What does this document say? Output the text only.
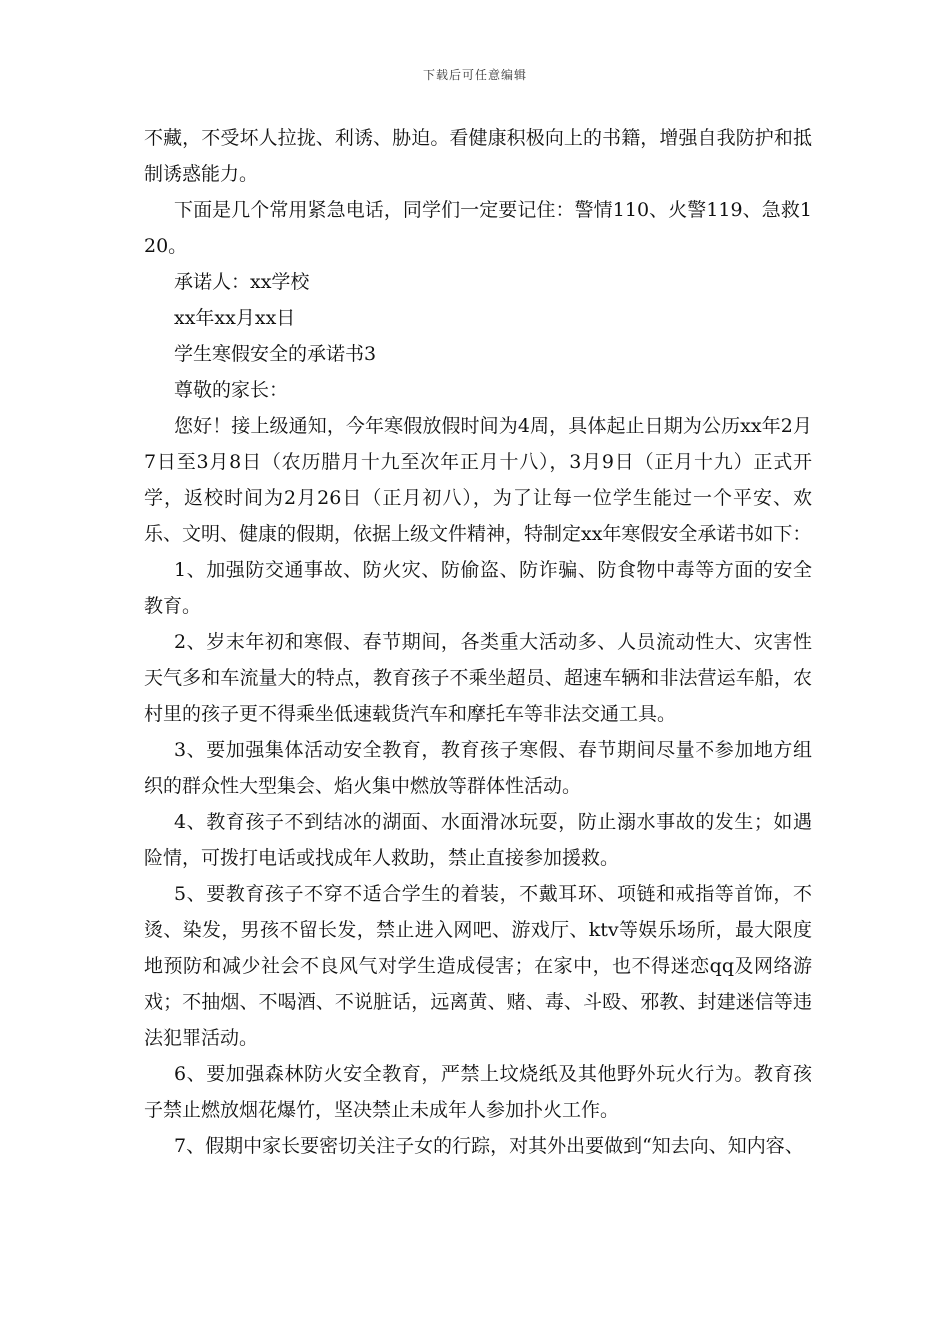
下载后可任意编辑

不藏，不受坏人拉拢、利诱、胁迫。看健康积极向上的书籍，增强自我防护和抵制诱惑能力。

下面是几个常用紧急电话，同学们一定要记住：警情110、火警119、急救120。

承诺人：xx学校

xx年xx月xx日

学生寒假安全的承诺书3

尊敬的家长：

您好！接上级通知，今年寒假放假时间为4周，具体起止日期为公历xx年2月7日至3月8日（农历腊月十九至次年正月十八），3月9日（正月十九）正式开学，返校时间为2月26日（正月初八），为了让每一位学生能过一个平安、欢乐、文明、健康的假期，依据上级文件精神，特制定xx年寒假安全承诺书如下：

1、加强防交通事故、防火灾、防偷盗、防诈骗、防食物中毒等方面的安全教育。

2、岁末年初和寒假、春节期间，各类重大活动多、人员流动性大、灾害性天气多和车流量大的特点，教育孩子不乘坐超员、超速车辆和非法营运车船，农村里的孩子更不得乘坐低速载货汽车和摩托车等非法交通工具。

3、要加强集体活动安全教育，教育孩子寒假、春节期间尽量不参加地方组织的群众性大型集会、焰火集中燃放等群体性活动。

4、教育孩子不到结冰的湖面、水面滑冰玩耍，防止溺水事故的发生；如遇险情，可拨打电话或找成年人救助，禁止直接参加援救。

5、要教育孩子不穿不适合学生的着装，不戴耳环、项链和戒指等首饰，不烫、染发，男孩不留长发，禁止进入网吧、游戏厅、ktv等娱乐场所，最大限度地预防和减少社会不良风气对学生造成侵害；在家中，也不得迷恋qq及网络游戏；不抽烟、不喝酒、不说脏话，远离黄、赌、毒、斗殴、邪教、封建迷信等违法犯罪活动。

6、要加强森林防火安全教育，严禁上坟烧纸及其他野外玩火行为。教育孩子禁止燃放烟花爆竹，坚决禁止未成年人参加扑火工作。

7、假期中家长要密切关注子女的行踪，对其外出要做到“知去向、知内容、
